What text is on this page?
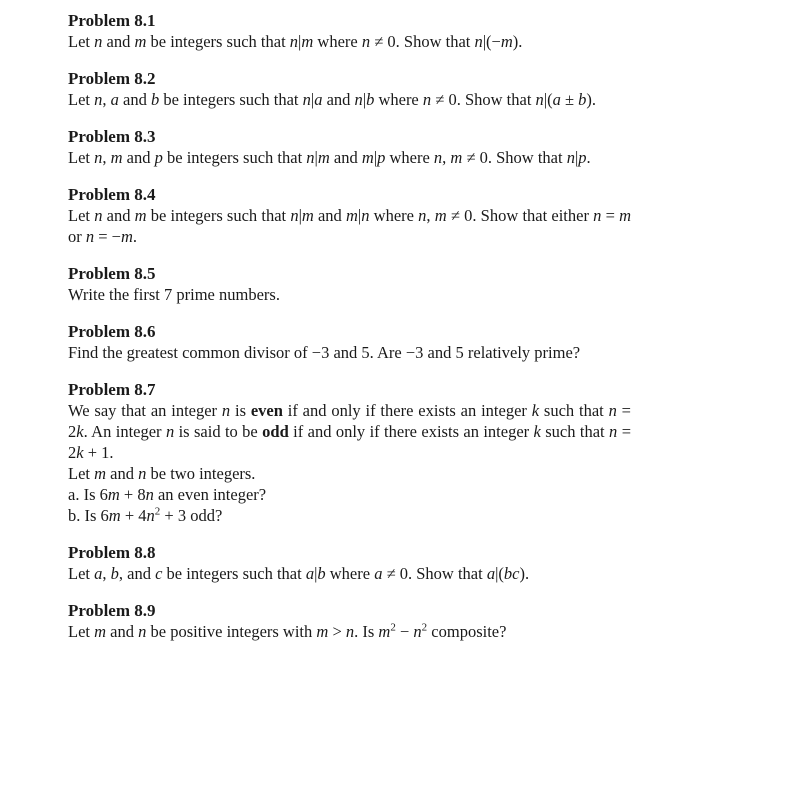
Problem 8.1
Let n and m be integers such that n|m where n ≠ 0. Show that n|(−m).
Problem 8.2
Let n, a and b be integers such that n|a and n|b where n ≠ 0. Show that n|(a ± b).
Problem 8.3
Let n, m and p be integers such that n|m and m|p where n, m ≠ 0. Show that n|p.
Problem 8.4
Let n and m be integers such that n|m and m|n where n, m ≠ 0. Show that either n = m or n = −m.
Problem 8.5
Write the first 7 prime numbers.
Problem 8.6
Find the greatest common divisor of −3 and 5. Are −3 and 5 relatively prime?
Problem 8.7
We say that an integer n is even if and only if there exists an integer k such that n = 2k. An integer n is said to be odd if and only if there exists an integer k such that n = 2k + 1.
Let m and n be two integers.
a. Is 6m + 8n an even integer?
b. Is $6m + 4n^2 + 3$ odd?
Problem 8.8
Let a, b, and c be integers such that a|b where a ≠ 0. Show that a|(bc).
Problem 8.9
Let m and n be positive integers with m > n. Is $m^2 - n^2$ composite?
